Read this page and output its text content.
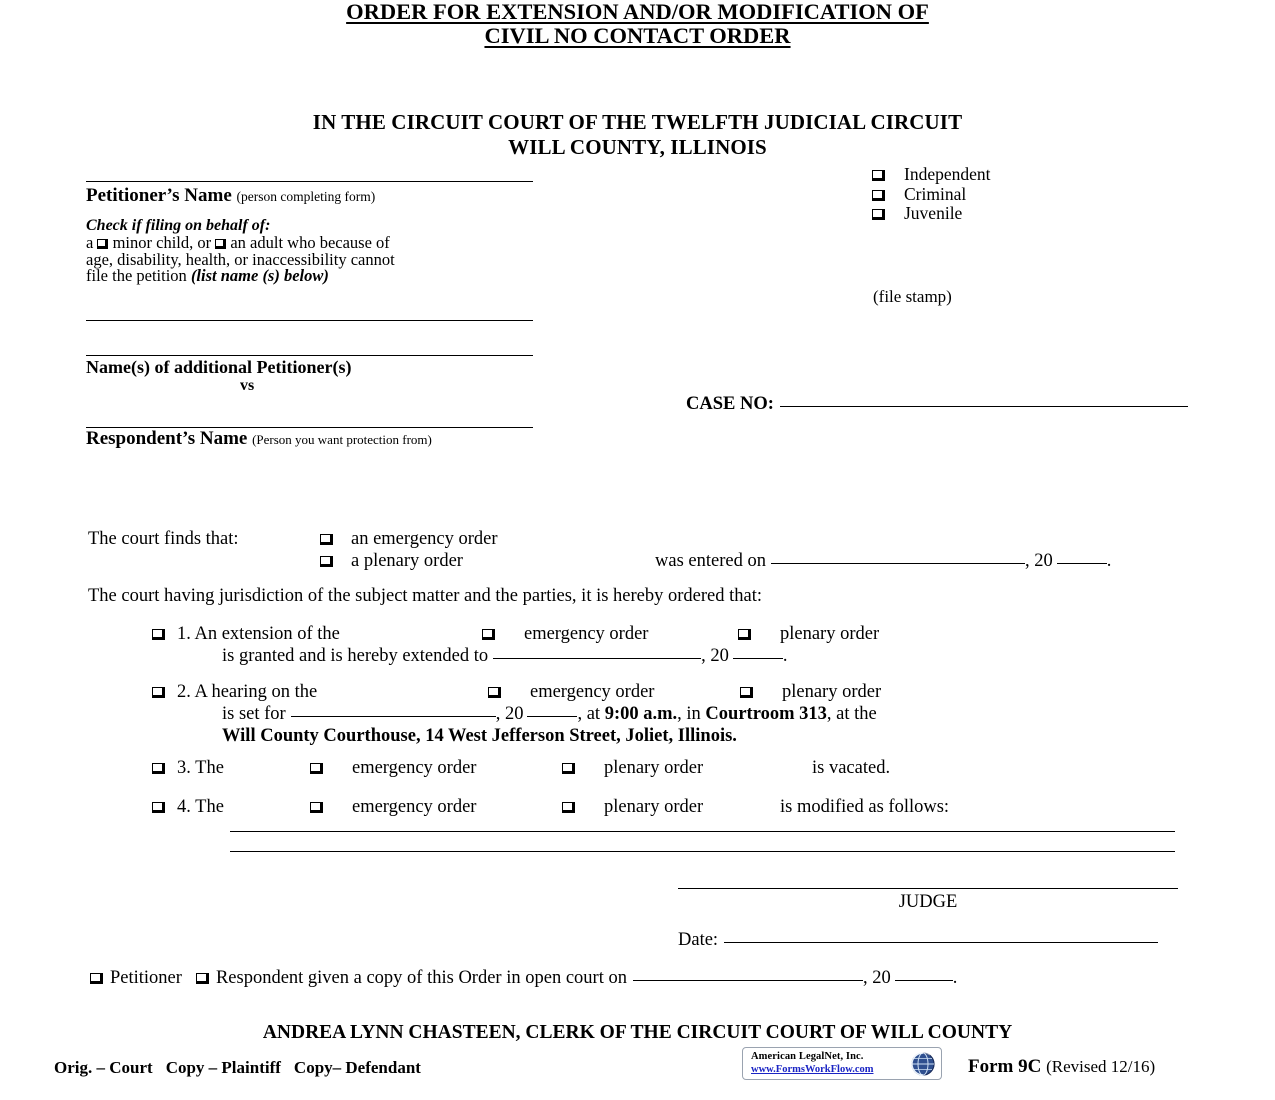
IN THE CIRCUIT COURT OF THE TWELFTH JUDICIAL CIRCUIT
WILL COUNTY, ILLINOIS
Petitioner’s Name (person completing form)
Check if filing on behalf of:
a minor child, or an adult who because of
age, disability, health, or inaccessibility cannot
file the petition (list name (s) below)
Name(s) of additional Petitioner(s)
vs
Respondent’s Name (Person you want protection from)
Independent
Criminal
Juvenile
(file stamp)
CASE NO:
ORDER FOR EXTENSION AND/OR MODIFICATION OF
CIVIL NO CONTACT ORDER
The court finds that:	an emergency order
a plenary order	was entered on	, 20	.
The court having jurisdiction of the subject matter and the parties, it is hereby ordered that:
1. An extension of the	emergency order	plenary order
is granted and is hereby extended to	, 20	.
2. A hearing on the	emergency order	plenary order
is set for	, 20	, at 9:00 a.m., in Courtroom 313, at the
Will County Courthouse, 14 West Jefferson Street, Joliet, Illinois.
3. The	emergency order	plenary order	is vacated.
4. The	emergency order	plenary order	is modified as follows:
JUDGE
Date:
Petitioner Respondent given a copy of this Order in open court on	, 20	.
ANDREA LYNN CHASTEEN, CLERK OF THE CIRCUIT COURT OF WILL COUNTY
Orig. – Court Copy – Plaintiff Copy– Defendant
American LegalNet, Inc.
www.FormsWorkFlow.com	Form 9C (Revised 12/16)
